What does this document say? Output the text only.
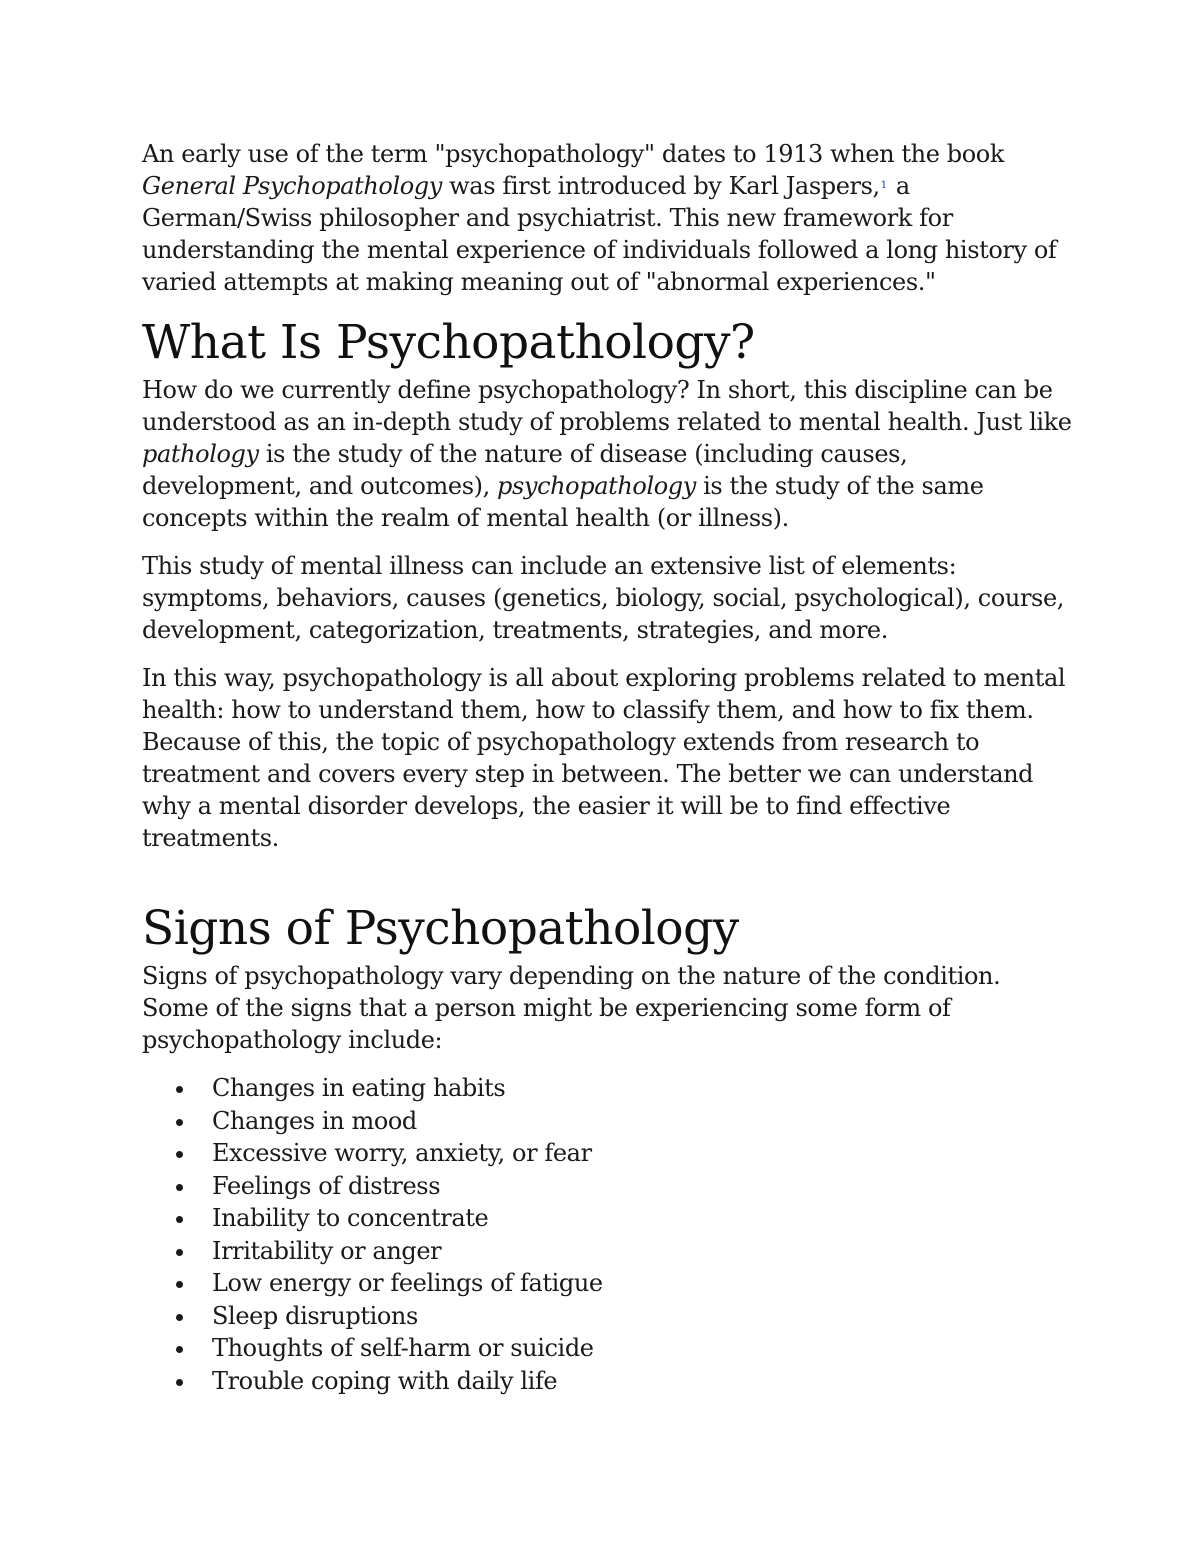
An early use of the term "psychopathology" dates to 1913 when the book General Psychopathology was first introduced by Karl Jaspers,$^1$ a German/Swiss philosopher and psychiatrist. This new framework for understanding the mental experience of individuals followed a long history of varied attempts at making meaning out of "abnormal experiences."

What Is Psychopathology?

How do we currently define psychopathology? In short, this discipline can be understood as an in-depth study of problems related to mental health. Just like pathology is the study of the nature of disease (including causes, development, and outcomes), psychopathology is the study of the same concepts within the realm of mental health (or illness).

This study of mental illness can include an extensive list of elements: symptoms, behaviors, causes (genetics, biology, social, psychological), course, development, categorization, treatments, strategies, and more.

In this way, psychopathology is all about exploring problems related to mental health: how to understand them, how to classify them, and how to fix them. Because of this, the topic of psychopathology extends from research to treatment and covers every step in between. The better we can understand why a mental disorder develops, the easier it will be to find effective treatments.

Signs of Psychopathology

Signs of psychopathology vary depending on the nature of the condition. Some of the signs that a person might be experiencing some form of psychopathology include:

Changes in eating habits
Changes in mood
Excessive worry, anxiety, or fear
Feelings of distress
Inability to concentrate
Irritability or anger
Low energy or feelings of fatigue
Sleep disruptions
Thoughts of self-harm or suicide
Trouble coping with daily life
